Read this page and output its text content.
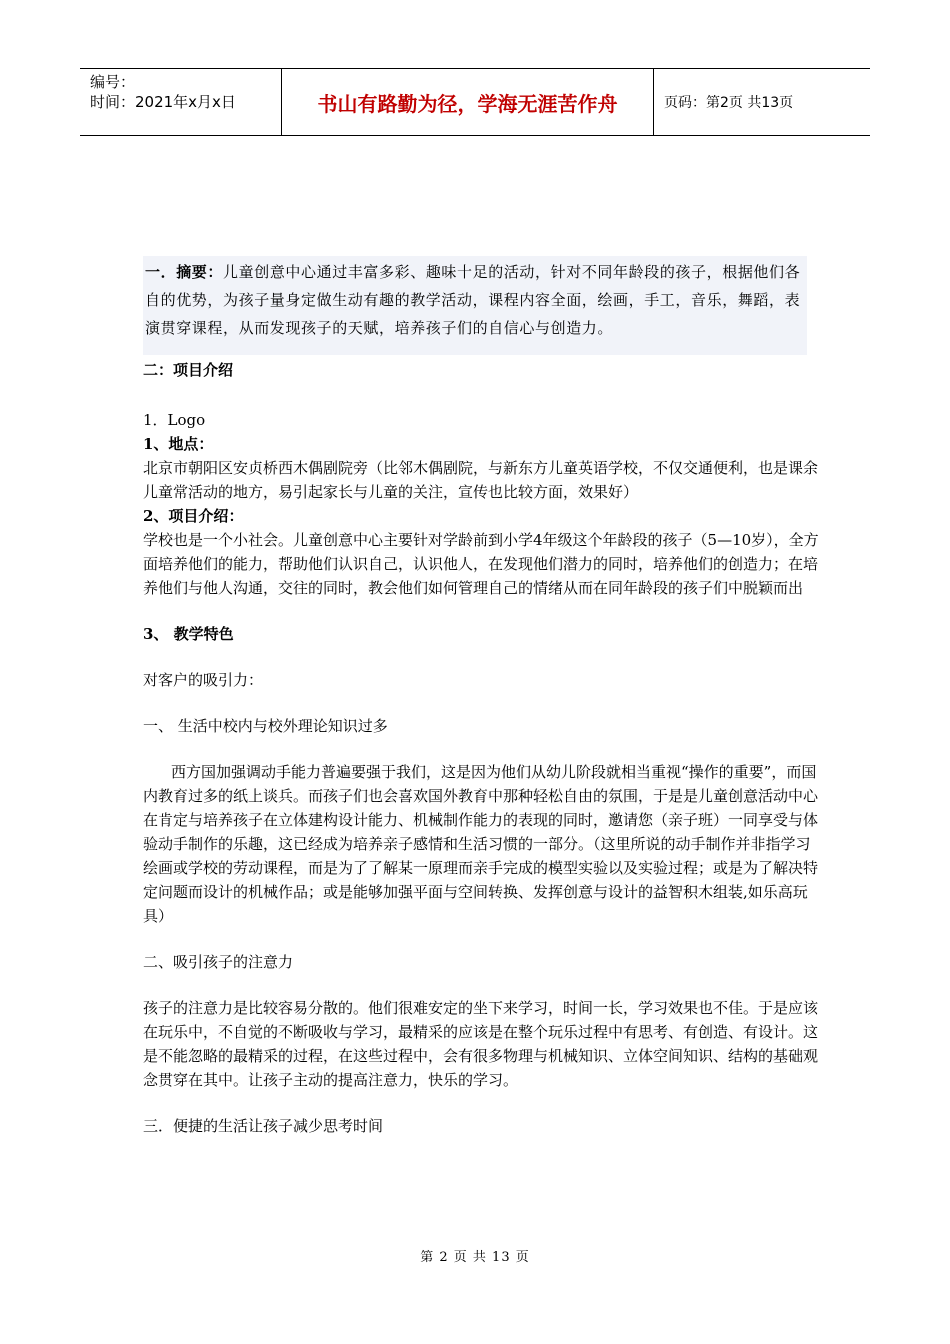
编号：
时间：2021年x月x日	书山有路勤为径，学海无涯苦作舟	页码：第2页 共13页
一．摘要：儿童创意中心通过丰富多彩、趣味十足的活动，针对不同年龄段的孩子，根据他们各自的优势，为孩子量身定做生动有趣的教学活动，课程内容全面，绘画，手工，音乐，舞蹈，表演贯穿课程，从而发现孩子的天赋，培养孩子们的自信心与创造力。

二：项目介绍

1．Logo

1、地点：

北京市朝阳区安贞桥西木偶剧院旁（比邻木偶剧院，与新东方儿童英语学校，不仅交通便利，也是课余儿童常活动的地方，易引起家长与儿童的关注，宣传也比较方面，效果好）

2、项目介绍：

学校也是一个小社会。儿童创意中心主要针对学龄前到小学4年级这个年龄段的孩子（5—10岁），全方面培养他们的能力，帮助他们认识自己，认识他人，在发现他们潜力的同时，培养他们的创造力；在培养他们与他人沟通，交往的同时，教会他们如何管理自己的情绪从而在同年龄段的孩子们中脱颖而出

3、 教学特色

对客户的吸引力：

一、 生活中校内与校外理论知识过多

西方国加强调动手能力普遍要强于我们，这是因为他们从幼儿阶段就相当重视“操作的重要”，而国内教育过多的纸上谈兵。而孩子们也会喜欢国外教育中那种轻松自由的氛围，于是是儿童创意活动中心在肯定与培养孩子在立体建构设计能力、机械制作能力的表现的同时，邀请您（亲子班）一同享受与体验动手制作的乐趣，这已经成为培养亲子感情和生活习惯的一部分。（这里所说的动手制作并非指学习绘画或学校的劳动课程，而是为了了解某一原理而亲手完成的模型实验以及实验过程；或是为了解决特定问题而设计的机械作品；或是能够加强平面与空间转换、发挥创意与设计的益智积木组装,如乐高玩具）

二、吸引孩子的注意力

孩子的注意力是比较容易分散的。他们很难安定的坐下来学习，时间一长，学习效果也不佳。于是应该在玩乐中，不自觉的不断吸收与学习，最精采的应该是在整个玩乐过程中有思考、有创造、有设计。这是不能忽略的最精采的过程，在这些过程中，会有很多物理与机械知识、立体空间知识、结构的基础观念贯穿在其中。让孩子主动的提高注意力，快乐的学习。

三．便捷的生活让孩子减少思考时间

第 2 页 共 13 页
